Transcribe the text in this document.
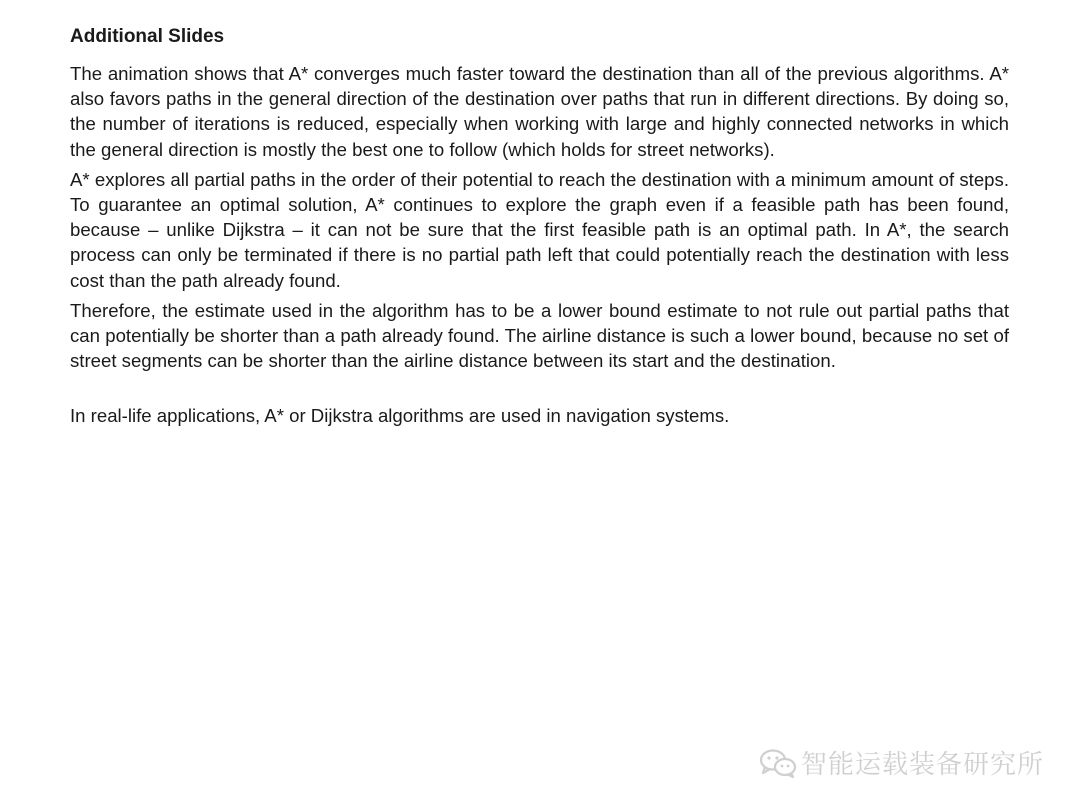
Additional Slides

The animation shows that A* converges much faster toward the destination than all of the previous algorithms. A* also favors paths in the general direction of the destination over paths that run in different directions. By doing so, the number of iterations is reduced, especially when working with large and highly connected networks in which the general direction is mostly the best one to follow (which holds for street networks).

A* explores all partial paths in the order of their potential to reach the destination with a minimum amount of steps. To guarantee an optimal solution, A* continues to explore the graph even if a feasible path has been found, because – unlike Dijkstra – it can not be sure that the first feasible path is an optimal path. In A*, the search process can only be terminated if there is no partial path left that could potentially reach the destination with less cost than the path already found.

Therefore, the estimate used in the algorithm has to be a lower bound estimate to not rule out partial paths that can potentially be shorter than a path already found. The airline distance is such a lower bound, because no set of street segments can be shorter than the airline distance between its start and the destination.

In real-life applications, A* or Dijkstra algorithms are used in navigation systems.

智能运载装备研究所
